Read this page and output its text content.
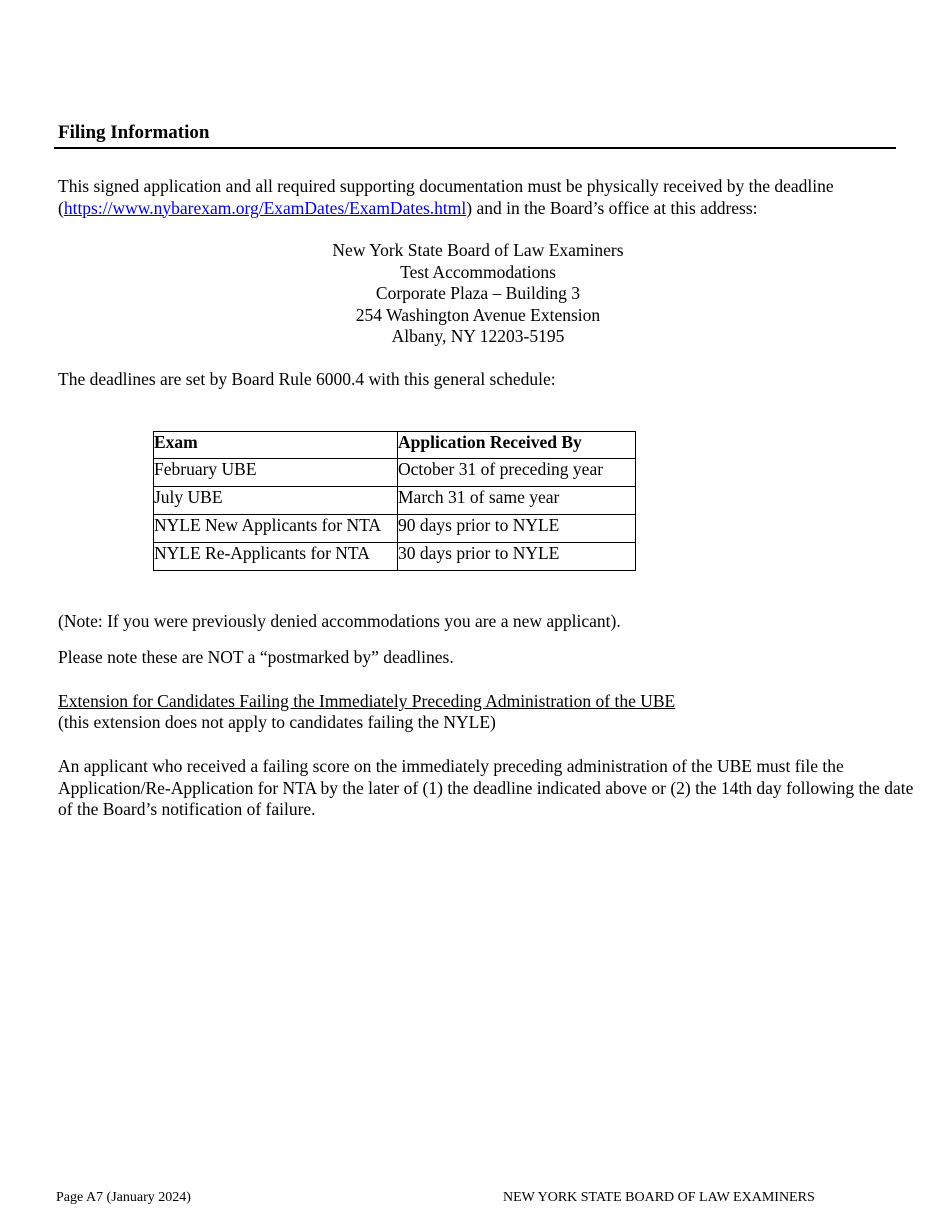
Filing Information
This signed application and all required supporting documentation must be physically received by the deadline (https://www.nybarexam.org/ExamDates/ExamDates.html) and in the Board’s office at this address:
New York State Board of Law Examiners
Test Accommodations
Corporate Plaza – Building 3
254 Washington Avenue Extension
Albany, NY 12203-5195
The deadlines are set by Board Rule 6000.4 with this general schedule:
Exam	Application Received By
February UBE	October 31 of preceding year
July UBE	March 31 of same year
NYLE New Applicants for NTA	90 days prior to NYLE
NYLE Re-Applicants for NTA	30 days prior to NYLE
(Note: If you were previously denied accommodations you are a new applicant).
Please note these are NOT a “postmarked by” deadlines.
Extension for Candidates Failing the Immediately Preceding Administration of the UBE
(this extension does not apply to candidates failing the NYLE)
An applicant who received a failing score on the immediately preceding administration of the UBE must file the Application/Re-Application for NTA by the later of (1) the deadline indicated above or (2) the 14th day following the date of the Board’s notification of failure.
Page A7 (January 2024)	NEW YORK STATE BOARD OF LAW EXAMINERS
